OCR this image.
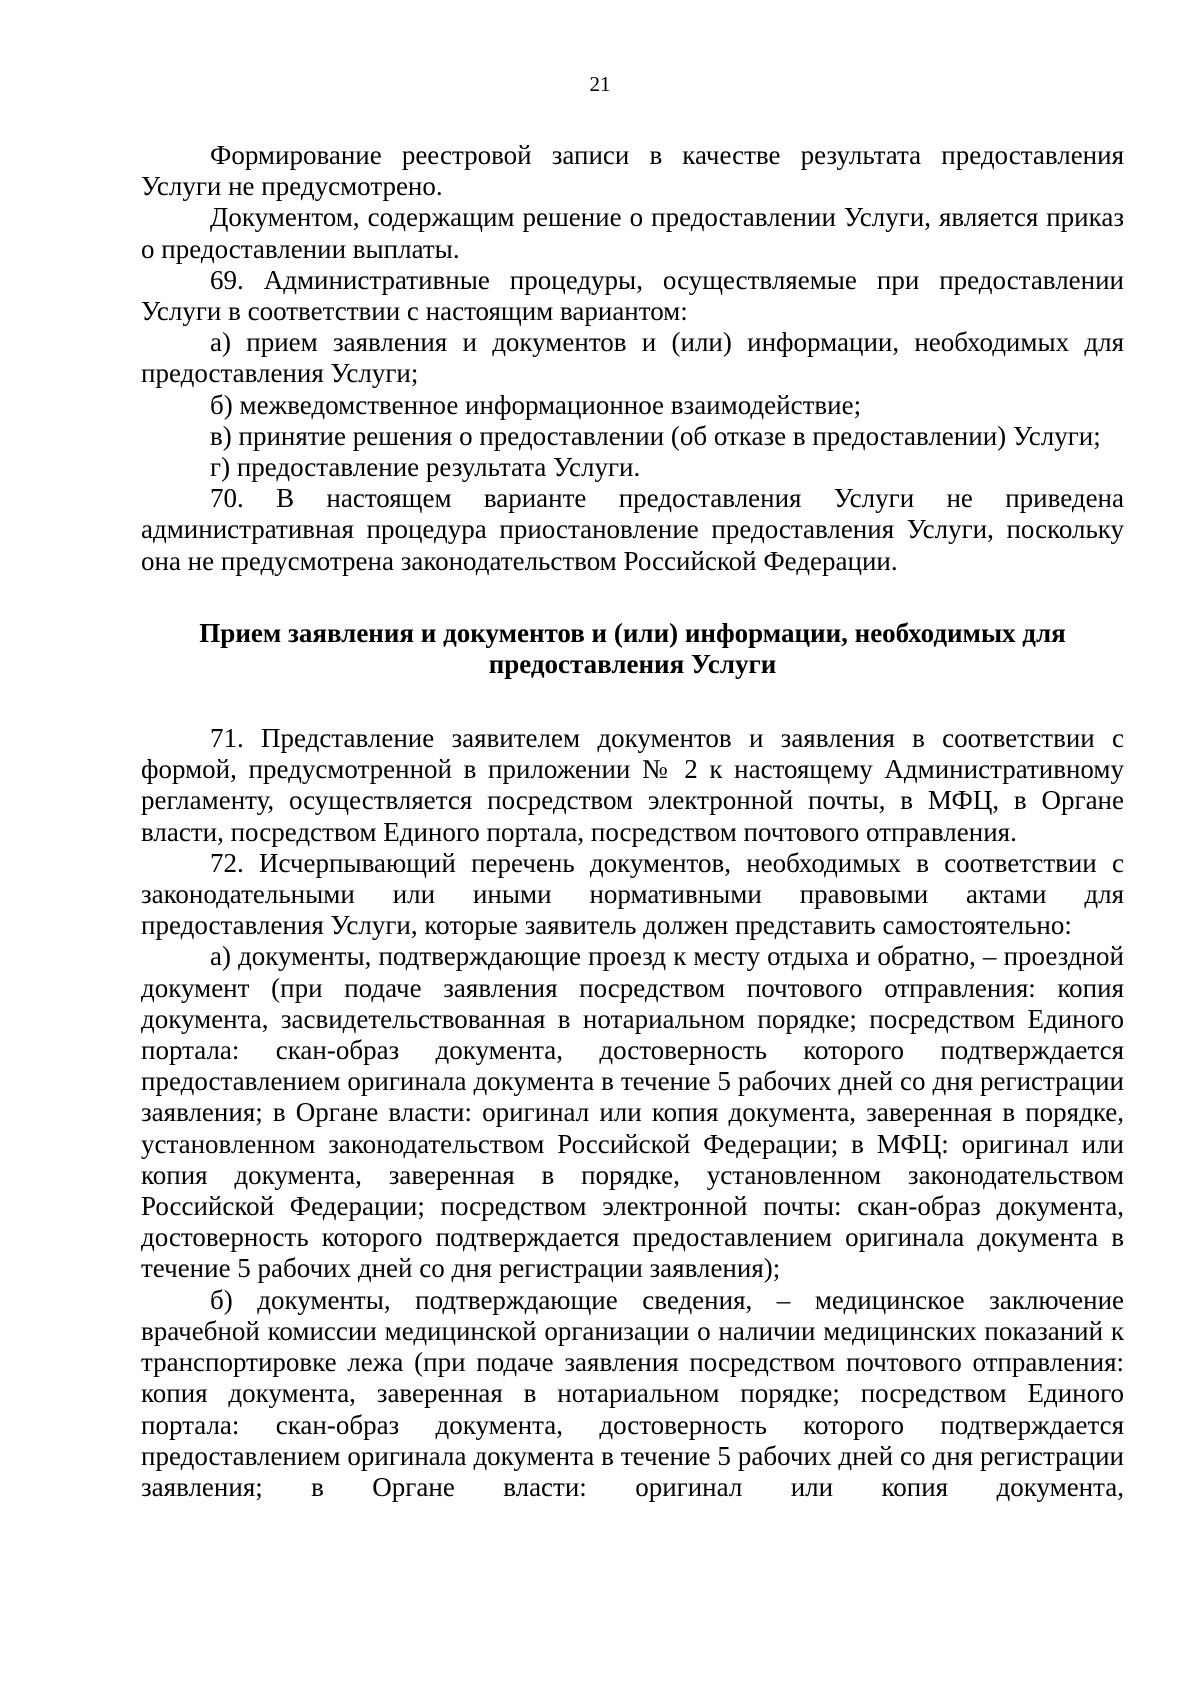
21

Формирование реестровой записи в качестве результата предоставления Услуги не предусмотрено.

Документом, содержащим решение о предоставлении Услуги, является приказ о предоставлении выплаты.

69. Административные процедуры, осуществляемые при предоставлении Услуги в соответствии с настоящим вариантом:

а) прием заявления и документов и (или) информации, необходимых для предоставления Услуги;

б) межведомственное информационное взаимодействие;

в) принятие решения о предоставлении (об отказе в предоставлении) Услуги;

г) предоставление результата Услуги.

70. В настоящем варианте предоставления Услуги не приведена административная процедура приостановление предоставления Услуги, поскольку она не предусмотрена законодательством Российской Федерации.

Прием заявления и документов и (или) информации, необходимых для
предоставления Услуги

71. Представление заявителем документов и заявления в соответствии с формой, предусмотренной в приложении № 2 к настоящему Административному регламенту, осуществляется посредством электронной почты, в МФЦ, в Органе власти, посредством Единого портала, посредством почтового отправления.

72. Исчерпывающий перечень документов, необходимых в соответствии с законодательными или иными нормативными правовыми актами для предоставления Услуги, которые заявитель должен представить самостоятельно:

а) документы, подтверждающие проезд к месту отдыха и обратно, – проездной документ (при подаче заявления посредством почтового отправления: копия документа, засвидетельствованная в нотариальном порядке; посредством Единого портала: скан-образ документа, достоверность которого подтверждается предоставлением оригинала документа в течение 5 рабочих дней со дня регистрации заявления; в Органе власти: оригинал или копия документа, заверенная в порядке, установленном законодательством Российской Федерации; в МФЦ: оригинал или копия документа, заверенная в порядке, установленном законодательством Российской Федерации; посредством электронной почты: скан-образ документа, достоверность которого подтверждается предоставлением оригинала документа в течение 5 рабочих дней со дня регистрации заявления);

б) документы, подтверждающие сведения, – медицинское заключение врачебной комиссии медицинской организации о наличии медицинских показаний к транспортировке лежа (при подаче заявления посредством почтового отправления: копия документа, заверенная в нотариальном порядке; посредством Единого портала: скан-образ документа, достоверность которого подтверждается предоставлением оригинала документа в течение 5 рабочих дней со дня регистрации заявления; в Органе власти: оригинал или копия документа,
